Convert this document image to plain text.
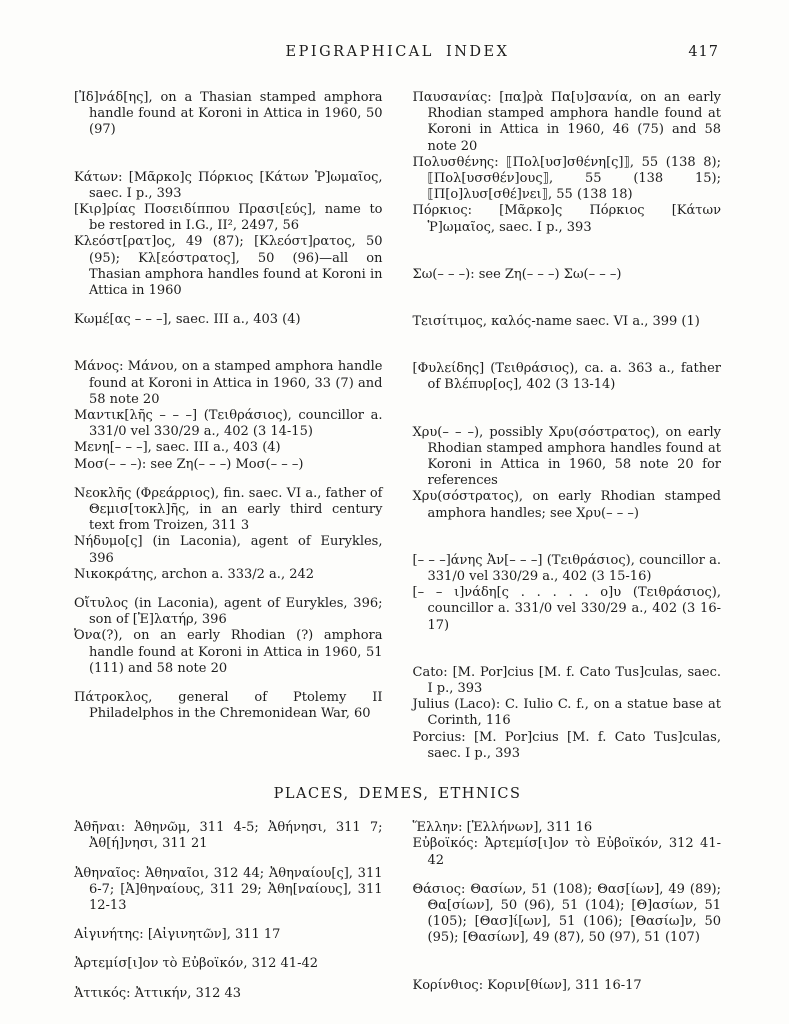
EPIGRAPHICAL INDEX	417

[Ἰδ]νάδ[ης], on a Thasian stamped amphora handle found at Koroni in Attica in 1960, 50 (97)

Κάτων: [Μᾶρκο]ς Πόρκιος [Κάτων Ῥ]ωμαῖος, saec. I p., 393

[Κιρ]ρίας Ποσειδίππου Πρασι[εύς], name to be restored in I.G., II², 2497, 56

Κλεόστ[ρατ]ος, 49 (87); [Κλεόστ]ρατος, 50 (95); Κλ[εόστρατος], 50 (96)—all on Thasian amphora handles found at Koroni in Attica in 1960

Κωμέ[ας – – –], saec. III a., 403 (4)

Μάνος: Μάνου, on a stamped amphora handle found at Koroni in Attica in 1960, 33 (7) and 58 note 20

Μαντικ[λῆς – – –] (Τειθράσιος), councillor a. 331/0 vel 330/29 a., 402 (3 14-15)

Μενη[– – –], saec. III a., 403 (4)

Μοσ(– – –): see Ζη(– – –) Μοσ(– – –)

Νεοκλῆς (Φρεάρριος), fin. saec. VI a., father of Θεμισ[τοκλ]ῆς, in an early third century text from Troizen, 311 3

Νήδυμο[ς] (in Laconia), agent of Eurykles, 396

Νικοκράτης, archon a. 333/2 a., 242

Οἴτυλος (in Laconia), agent of Eurykles, 396; son of [Ἐ]λατήρ, 396

Ὀνα(?), on an early Rhodian (?) amphora handle found at Koroni in Attica in 1960, 51 (111) and 58 note 20

Πάτροκλος, general of Ptolemy II Philadelphos in the Chremonidean War, 60

Παυσανίας: [πα]ρὰ Πα[υ]σανία, on an early Rhodian stamped amphora handle found at Koroni in Attica in 1960, 46 (75) and 58 note 20

Πολυσθένης: ⟦Πολ[υσ]σθένη[ς]⟧, 55 (138 8); ⟦Πολ[υσσθέν]ους⟧, 55 (138 15); ⟦Π[ο]λυσ[σθέ]νει⟧, 55 (138 18)

Πόρκιος: [Μᾶρκο]ς Πόρκιος [Κάτων Ῥ]ωμαῖος, saec. I p., 393

Σω(– – –): see Ζη(– – –) Σω(– – –)

Τεισίτιμος, καλός-name saec. VI a., 399 (1)

[Φυλείδης] (Τειθράσιος), ca. a. 363 a., father of Βλέπυρ[ος], 402 (3 13-14)

Χρυ(– – –), possibly Χρυ(σόστρατος), on early Rhodian stamped amphora handles found at Koroni in Attica in 1960, 58 note 20 for references

Χρυ(σόστρατος), on early Rhodian stamped amphora handles; see Χρυ(– – –)

[– – –]άνης Ἀν[– – –] (Τειθράσιος), councillor a. 331/0 vel 330/29 a., 402 (3 15-16)

[– – ι]νάδη[ς . . . . . ο]υ (Τειθράσιος), councillor a. 331/0 vel 330/29 a., 402 (3 16-17)

Cato: [M. Por]cius [M. f. Cato Tus]culas, saec. I p., 393

Julius (Laco): C. Iulio C. f., on a statue base at Corinth, 116

Porcius: [M. Por]cius [M. f. Cato Tus]culas, saec. I p., 393

PLACES, DEMES, ETHNICS

Ἀθῆναι: Ἀθηνῶμ, 311 4-5; Ἀθήνησι, 311 7; Ἀθ[ή]νησι, 311 21

Ἀθηναῖος: Ἀθηναῖοι, 312 44; Ἀθηναίου[ς], 311 6-7; [Ἀ]θηναίους, 311 29; Ἀθη[ναίους], 311 12-13

Αἰγινήτης: [Αἰγινητῶν], 311 17

Ἀρτεμίσ[ι]ον τὸ Εὐβοϊκόν, 312 41-42

Ἀττικός: Ἀττικήν, 312 43

Ἕλλην: [Ἑλλήνων], 311 16

Εὐβοϊκός: Ἀρτεμίσ[ι]ον τὸ Εὐβοϊκόν, 312 41-42

Θάσιος: Θασίων, 51 (108); Θασ[ίων], 49 (89); Θα[σίων], 50 (96), 51 (104); [Θ]ασίων, 51 (105); [Θασ]ί[ων], 51 (106); [Θασίω]ν, 50 (95); [Θασίων], 49 (87), 50 (97), 51 (107)

Κορίνθιος: Κοριν[θίων], 311 16-17
